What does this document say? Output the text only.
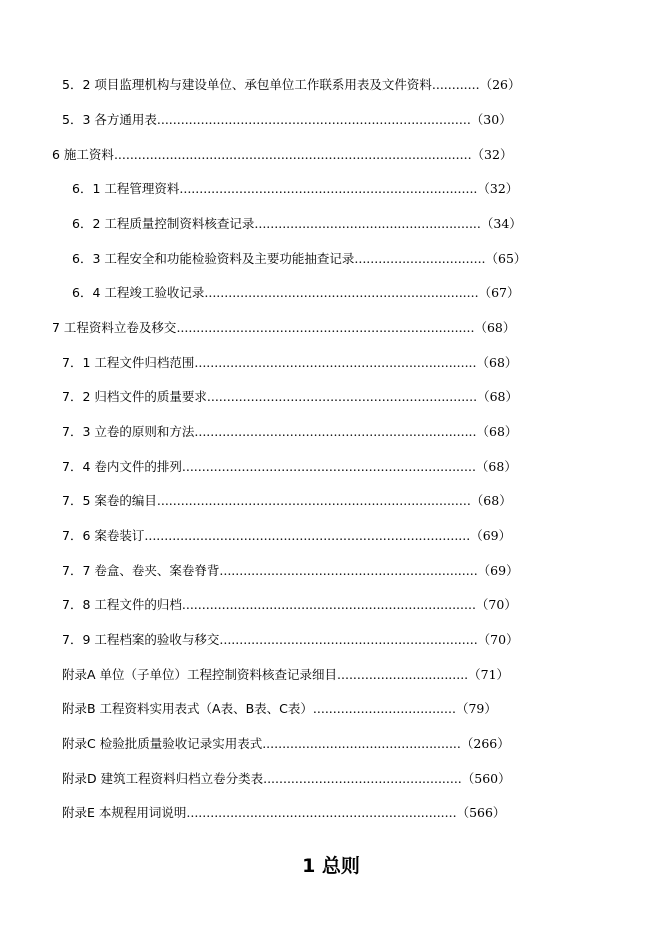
5．2 项目监理机构与建设单位、承包单位工作联系用表及文件资料............（26）
5．3 各方通用表...............................................................................（30）
6 施工资料..........................................................................................（32）
6．1 工程管理资料...........................................................................（32）
6．2 工程质量控制资料核查记录.........................................................（34）
6．3 工程安全和功能检验资料及主要功能抽查记录.................................（65）
6．4 工程竣工验收记录.....................................................................（67）
7 工程资料立卷及移交...........................................................................（68）
7．1 工程文件归档范围.......................................................................（68）
7．2 归档文件的质量要求....................................................................（68）
7．3 立卷的原则和方法.......................................................................（68）
7．4 卷内文件的排列..........................................................................（68）
7．5 案卷的编目...............................................................................（68）
7．6 案卷装订..................................................................................（69）
7．7 卷盒、卷夹、案卷脊背.................................................................（69）
7．8 工程文件的归档..........................................................................（70）
7．9 工程档案的验收与移交.................................................................（70）
附录A 单位（子单位）工程控制资料核查记录细目.................................（71）
附录B 工程资料实用表式（A表、B表、C表）....................................（79）
附录C 检验批质量验收记录实用表式..................................................（266）
附录D 建筑工程资料归档立卷分类表..................................................（560）
附录E 本规程用词说明....................................................................（566）
1 总则
